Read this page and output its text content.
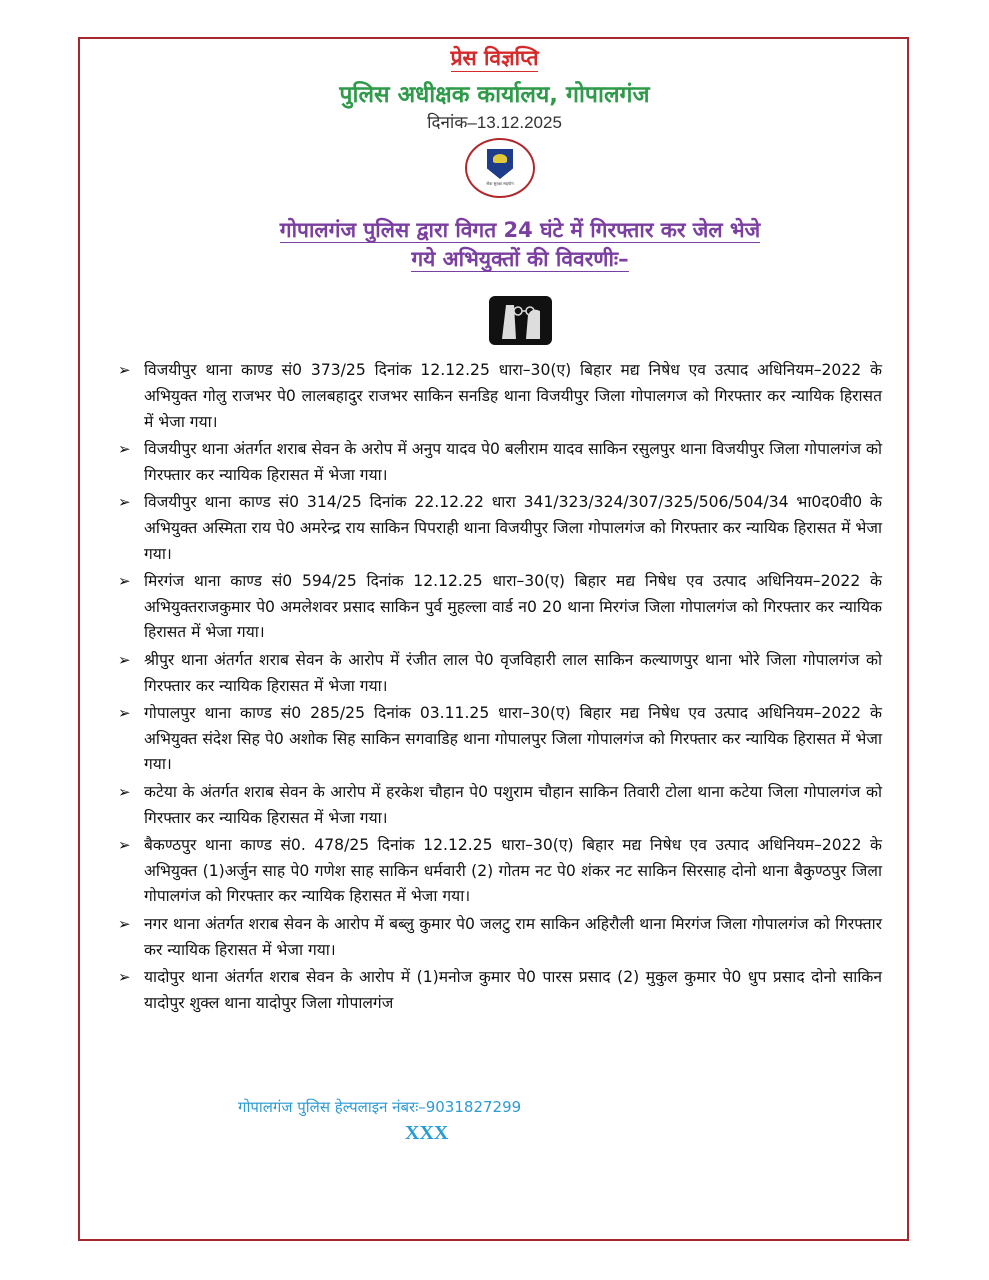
प्रेस विज्ञप्ति
पुलिस अधीक्षक कार्यालय, गोपालगंज
दिनांक–13.12.2025
सेवा सुरक्षा सहयोग
गोपालगंज पुलिस द्वारा विगत 24 घंटे में गिरफ्तार कर जेल भेजे
गये अभियुक्तों की विवरणीः–
➢ विजयीपुर थाना काण्ड सं0 373/25 दिनांक 12.12.25 धारा–30(ए) बिहार मद्य निषेध एव उत्पाद अधिनियम–2022 के अभियुक्त गोलु राजभर पे0 लालबहादुर राजभर साकिन सनडिह थाना विजयीपुर जिला गोपालगज को गिरफ्तार कर न्यायिक हिरासत में भेजा गया।
➢ विजयीपुर थाना अंतर्गत शराब सेवन के अरोप में अनुप यादव पे0 बलीराम यादव साकिन रसुलपुर थाना विजयीपुर जिला गोपालगंज को गिरफ्तार कर न्यायिक हिरासत में भेजा गया।
➢ विजयीपुर थाना काण्ड सं0 314/25 दिनांक 22.12.22 धारा 341/323/324/307/325/506/504/34 भा0द0वी0 के अभियुक्त अस्मिता राय पे0 अमरेन्द्र राय साकिन पिपराही थाना विजयीपुर जिला गोपालगंज को गिरफ्तार कर न्यायिक हिरासत में भेजा गया।
➢ मिरगंज थाना काण्ड सं0 594/25 दिनांक 12.12.25 धारा–30(ए) बिहार मद्य निषेध एव उत्पाद अधिनियम–2022 के अभियुक्तराजकुमार पे0 अमलेशवर प्रसाद साकिन पुर्व मुहल्ला वार्ड न0 20 थाना मिरगंज जिला गोपालगंज को गिरफ्तार कर न्यायिक हिरासत में भेजा गया।
➢ श्रीपुर थाना अंतर्गत शराब सेवन के आरोप में रंजीत लाल पे0 वृजविहारी लाल साकिन कल्याणपुर थाना भोरे जिला गोपालगंज को गिरफ्तार कर न्यायिक हिरासत में भेजा गया।
➢ गोपालपुर थाना काण्ड सं0 285/25 दिनांक 03.11.25 धारा–30(ए) बिहार मद्य निषेध एव उत्पाद अधिनियम–2022 के अभियुक्त संदेश सिह पे0 अशोक सिह साकिन सगवाडिह थाना गोपालपुर जिला गोपालगंज को गिरफ्तार कर न्यायिक हिरासत में भेजा गया।
➢ कटेया के अंतर्गत शराब सेवन के आरोप में हरकेश चौहान पे0 पशुराम चौहान साकिन तिवारी टोला थाना कटेया जिला गोपालगंज को गिरफ्तार कर न्यायिक हिरासत में भेजा गया।
➢ बैकण्ठपुर थाना काण्ड सं0. 478/25 दिनांक 12.12.25 धारा–30(ए) बिहार मद्य निषेध एव उत्पाद अधिनियम–2022 के अभियुक्त (1)अर्जुन साह पे0 गणेश साह साकिन धर्मवारी (2) गोतम नट पे0 शंकर नट साकिन सिरसाह दोनो थाना बैकुण्ठपुर जिला गोपालगंज को गिरफ्तार कर न्यायिक हिरासत में भेजा गया।
➢ नगर थाना अंतर्गत शराब सेवन के आरोप में बब्लु कुमार पे0 जलटु राम साकिन अहिरौली थाना मिरगंज जिला गोपालगंज को गिरफ्तार कर न्यायिक हिरासत में भेजा गया।
➢ यादोपुर थाना अंतर्गत शराब सेवन के आरोप में (1)मनोज कुमार पे0 पारस प्रसाद (2) मुकुल कुमार पे0 धुप प्रसाद दोनो साकिन यादोपुर शुक्ल थाना यादोपुर जिला गोपालगंज
गोपालगंज पुलिस हेल्पलाइन नंबरः–9031827299
XXX
